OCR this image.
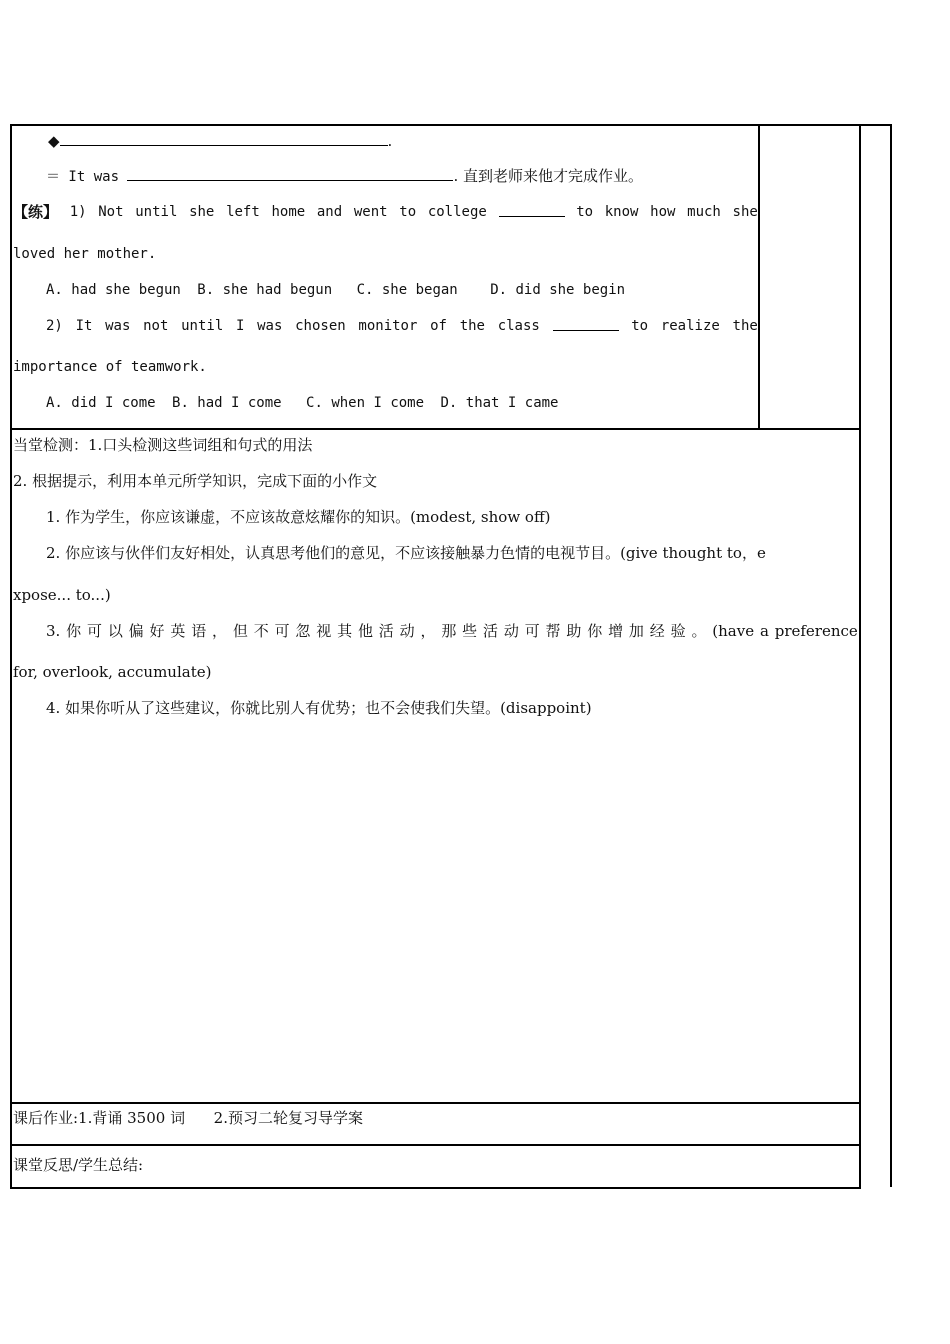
◆	.
＝ It was	. 直到老师来他才完成作业。
【练】 1) Not until she left home and went to college	to know how much she
loved her mother.
A. had she begun B. she had begun C. she began D. did she begin
2) It was not until I was chosen monitor of the class	to realize the
importance of teamwork.
A. did I come B. had I come C. when I come D. that I came
当堂检测：1.口头检测这些词组和句式的用法
2. 根据提示，利用本单元所学知识，完成下面的小作文
1. 作为学生，你应该谦虚，不应该故意炫耀你的知识。(modest, show off)
2. 你应该与伙伴们友好相处，认真思考他们的意见，不应该接触暴力色情的电视节目。(give thought to，e
xpose... to...)
3. 你 可 以 偏 好 英 语 ， 但 不 可 忽 视 其 他 活 动 ， 那 些 活 动 可 帮 助 你 增 加 经 验 。 (have a preference
for, overlook, accumulate)
4. 如果你听从了这些建议，你就比别人有优势；也不会使我们失望。(disappoint)
课后作业:1.背诵 3500 词      2.预习二轮复习导学案
课堂反思/学生总结:
